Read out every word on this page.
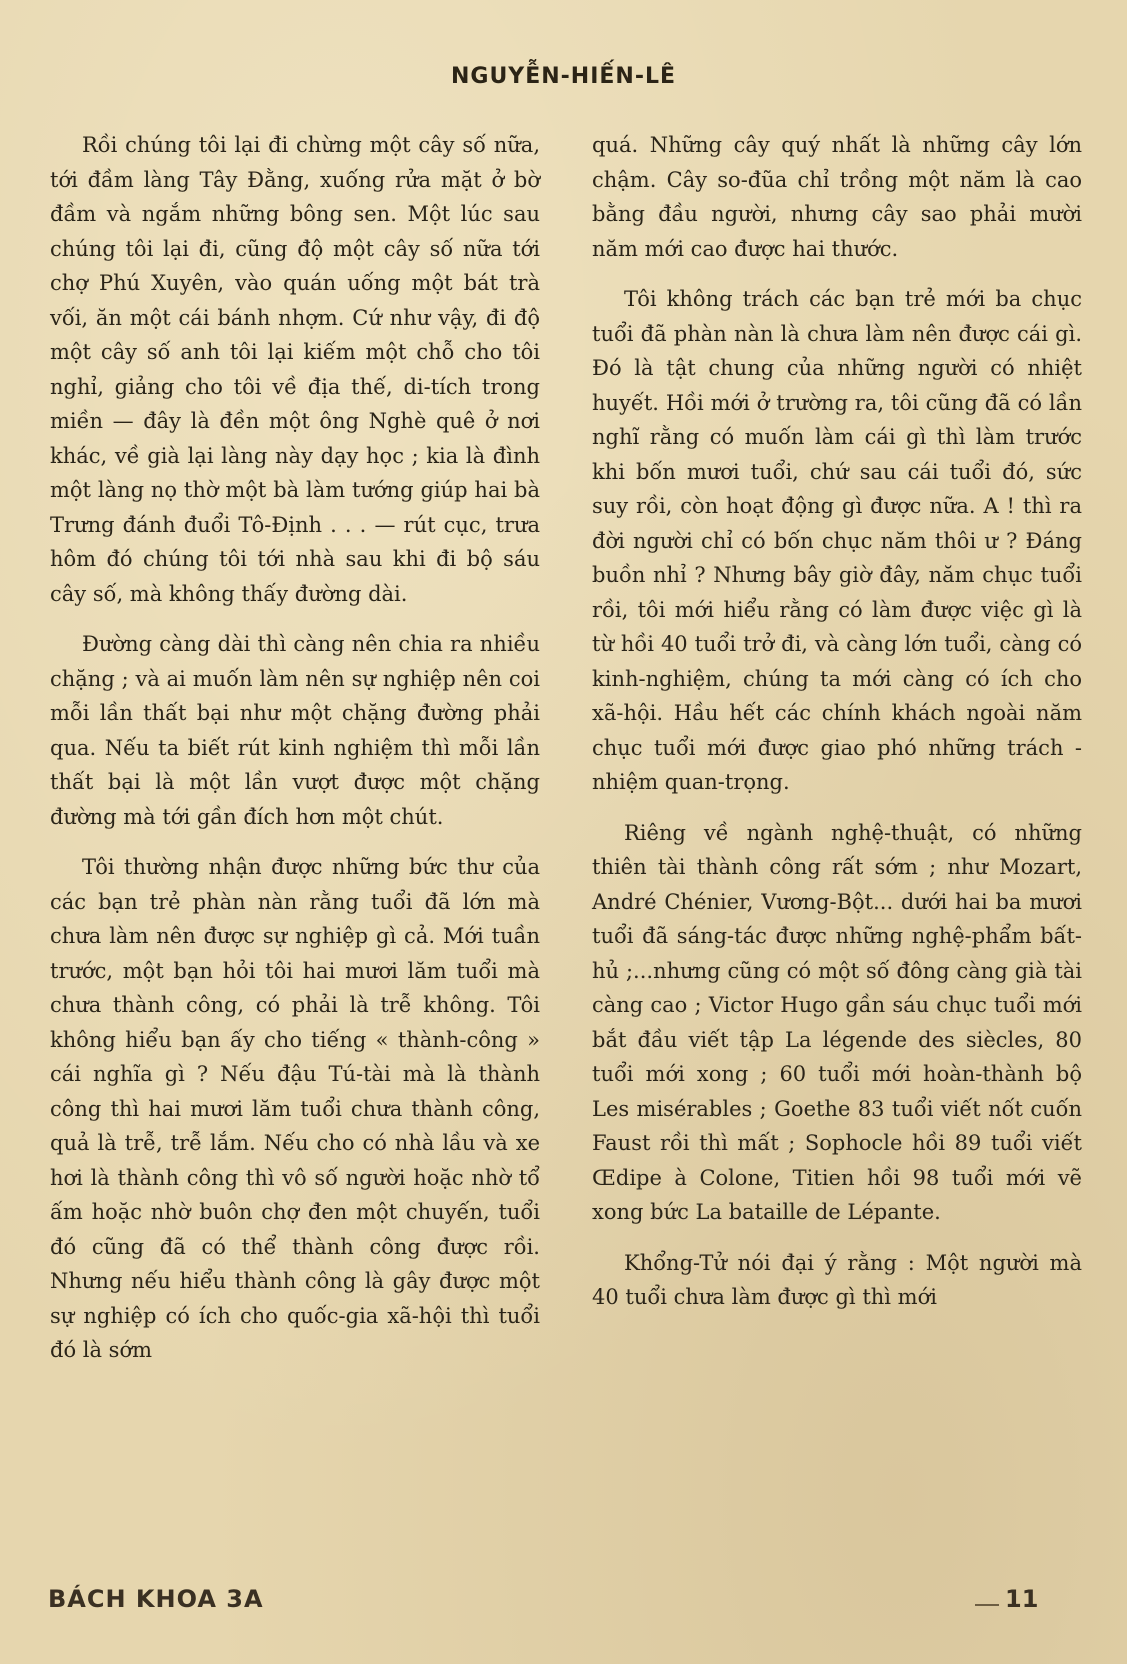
NGUYỄN-HIẾN-LÊ

Rồi chúng tôi lại đi chừng một cây số nữa, tới đầm làng Tây Đằng, xuống rửa mặt ở bờ đầm và ngắm những bông sen. Một lúc sau chúng tôi lại đi, cũng độ một cây số nữa tới chợ Phú Xuyên, vào quán uống một bát trà vối, ăn một cái bánh nhợm. Cứ như vậy, đi độ một cây số anh tôi lại kiếm một chỗ cho tôi nghỉ, giảng cho tôi về địa thế, di-tích trong miền — đây là đền một ông Nghè quê ở nơi khác, về già lại làng này dạy học ; kia là đình một làng nọ thờ một bà làm tướng giúp hai bà Trưng đánh đuổi Tô-Định . . . — rút cục, trưa hôm đó chúng tôi tới nhà sau khi đi bộ sáu cây số, mà không thấy đường dài.

Đường càng dài thì càng nên chia ra nhiều chặng ; và ai muốn làm nên sự nghiệp nên coi mỗi lần thất bại như một chặng đường phải qua. Nếu ta biết rút kinh nghiệm thì mỗi lần thất bại là một lần vượt được một chặng đường mà tới gần đích hơn một chút.

Tôi thường nhận được những bức thư của các bạn trẻ phàn nàn rằng tuổi đã lớn mà chưa làm nên được sự nghiệp gì cả. Mới tuần trước, một bạn hỏi tôi hai mươi lăm tuổi mà chưa thành công, có phải là trễ không. Tôi không hiểu bạn ấy cho tiếng « thành-công » cái nghĩa gì ? Nếu đậu Tú-tài mà là thành công thì hai mươi lăm tuổi chưa thành công, quả là trễ, trễ lắm. Nếu cho có nhà lầu và xe hơi là thành công thì vô số người hoặc nhờ tổ ấm hoặc nhờ buôn chợ đen một chuyến, tuổi đó cũng đã có thể thành công được rồi. Nhưng nếu hiểu thành công là gây được một sự nghiệp có ích cho quốc-gia xã-hội thì tuổi đó là sớm

quá. Những cây quý nhất là những cây lớn chậm. Cây so-đũa chỉ trồng một năm là cao bằng đầu người, nhưng cây sao phải mười năm mới cao được hai thước.

Tôi không trách các bạn trẻ mới ba chục tuổi đã phàn nàn là chưa làm nên được cái gì. Đó là tật chung của những người có nhiệt huyết. Hồi mới ở trường ra, tôi cũng đã có lần nghĩ rằng có muốn làm cái gì thì làm trước khi bốn mươi tuổi, chứ sau cái tuổi đó, sức suy rồi, còn hoạt động gì được nữa. A ! thì ra đời người chỉ có bốn chục năm thôi ư ? Đáng buồn nhỉ ? Nhưng bây giờ đây, năm chục tuổi rồi, tôi mới hiểu rằng có làm được việc gì là từ hồi 40 tuổi trở đi, và càng lớn tuổi, càng có kinh-nghiệm, chúng ta mới càng có ích cho xã-hội. Hầu hết các chính khách ngoài năm chục tuổi mới được giao phó những trách - nhiệm quan-trọng.

Riêng về ngành nghệ-thuật, có những thiên tài thành công rất sớm ; như Mozart, André Chénier, Vương-Bột... dưới hai ba mươi tuổi đã sáng-tác được những nghệ-phẩm bất-hủ ;...nhưng cũng có một số đông càng già tài càng cao ; Victor Hugo gần sáu chục tuổi mới bắt đầu viết tập La légende des siècles, 80 tuổi mới xong ; 60 tuổi mới hoàn-thành bộ Les misérables ; Goethe 83 tuổi viết nốt cuốn Faust rồi thì mất ; Sophocle hồi 89 tuổi viết Œdipe à Colone, Titien hồi 98 tuổi mới vẽ xong bức La bataille de Lépante.

Khổng-Tử nói đại ý rằng : Một người mà 40 tuổi chưa làm được gì thì mới

BÁCH KHOA 3A	11
